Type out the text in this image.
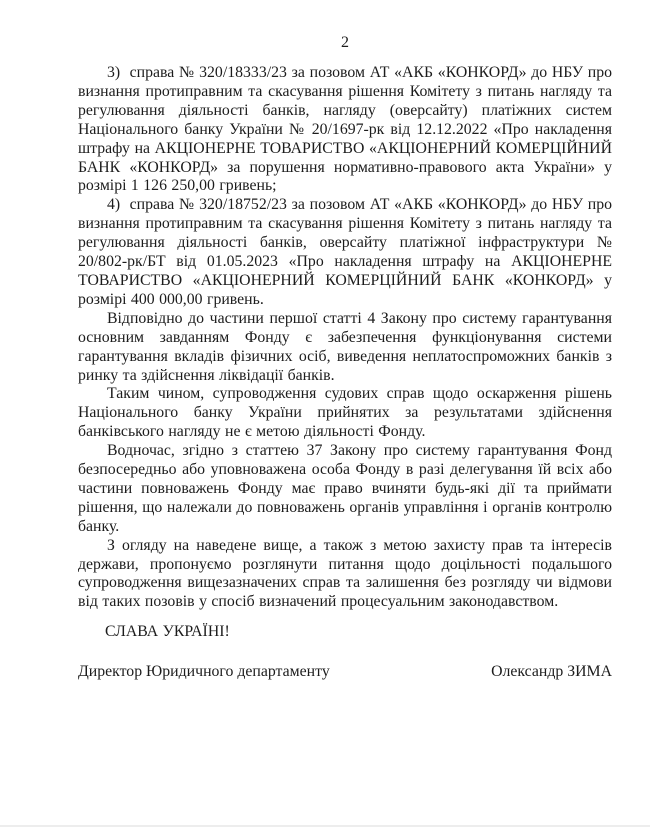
2

3)  справа № 320/18333/23 за позовом АТ «АКБ «КОНКОРД» до НБУ про визнання протиправним та скасування рішення Комітету з питань нагляду та регулювання діяльності банків, нагляду (оверсайту) платіжних систем Національного банку України № 20/1697-рк від 12.12.2022 «Про накладення штрафу на АКЦІОНЕРНЕ ТОВАРИСТВО «АКЦІОНЕРНИЙ КОМЕРЦІЙНИЙ БАНК «КОНКОРД» за порушення нормативно-правового акта України» у розмірі 1 126 250,00 гривень;

4)  справа № 320/18752/23 за позовом АТ «АКБ «КОНКОРД» до НБУ про визнання протиправним та скасування рішення Комітету з питань нагляду та регулювання діяльності банків, оверсайту платіжної інфраструктури № 20/802-рк/БТ від 01.05.2023 «Про накладення штрафу на АКЦІОНЕРНЕ ТОВАРИСТВО «АКЦІОНЕРНИЙ КОМЕРЦІЙНИЙ БАНК «КОНКОРД» у розмірі 400 000,00 гривень.

Відповідно до частини першої статті 4 Закону про систему гарантування основним завданням Фонду є забезпечення функціонування системи гарантування вкладів фізичних осіб, виведення неплатоспроможних банків з ринку та здійснення ліквідації банків.

Таким чином, супроводження судових справ щодо оскарження рішень Національного банку України прийнятих за результатами здійснення банківського нагляду не є метою діяльності Фонду.

Водночас, згідно з статтею 37 Закону про систему гарантування Фонд безпосередньо або уповноважена особа Фонду в разі делегування їй всіх або частини повноважень Фонду має право вчиняти будь-які дії та приймати рішення, що належали до повноважень органів управління і органів контролю банку.

З огляду на наведене вище, а також з метою захисту прав та інтересів держави, пропонуємо розглянути питання щодо доцільності подальшого супроводження вищезазначених справ та залишення без розгляду чи відмови від таких позовів у спосіб визначений процесуальним законодавством.

СЛАВА УКРАЇНІ!

Директор Юридичного департаменту	Олександр ЗИМА
